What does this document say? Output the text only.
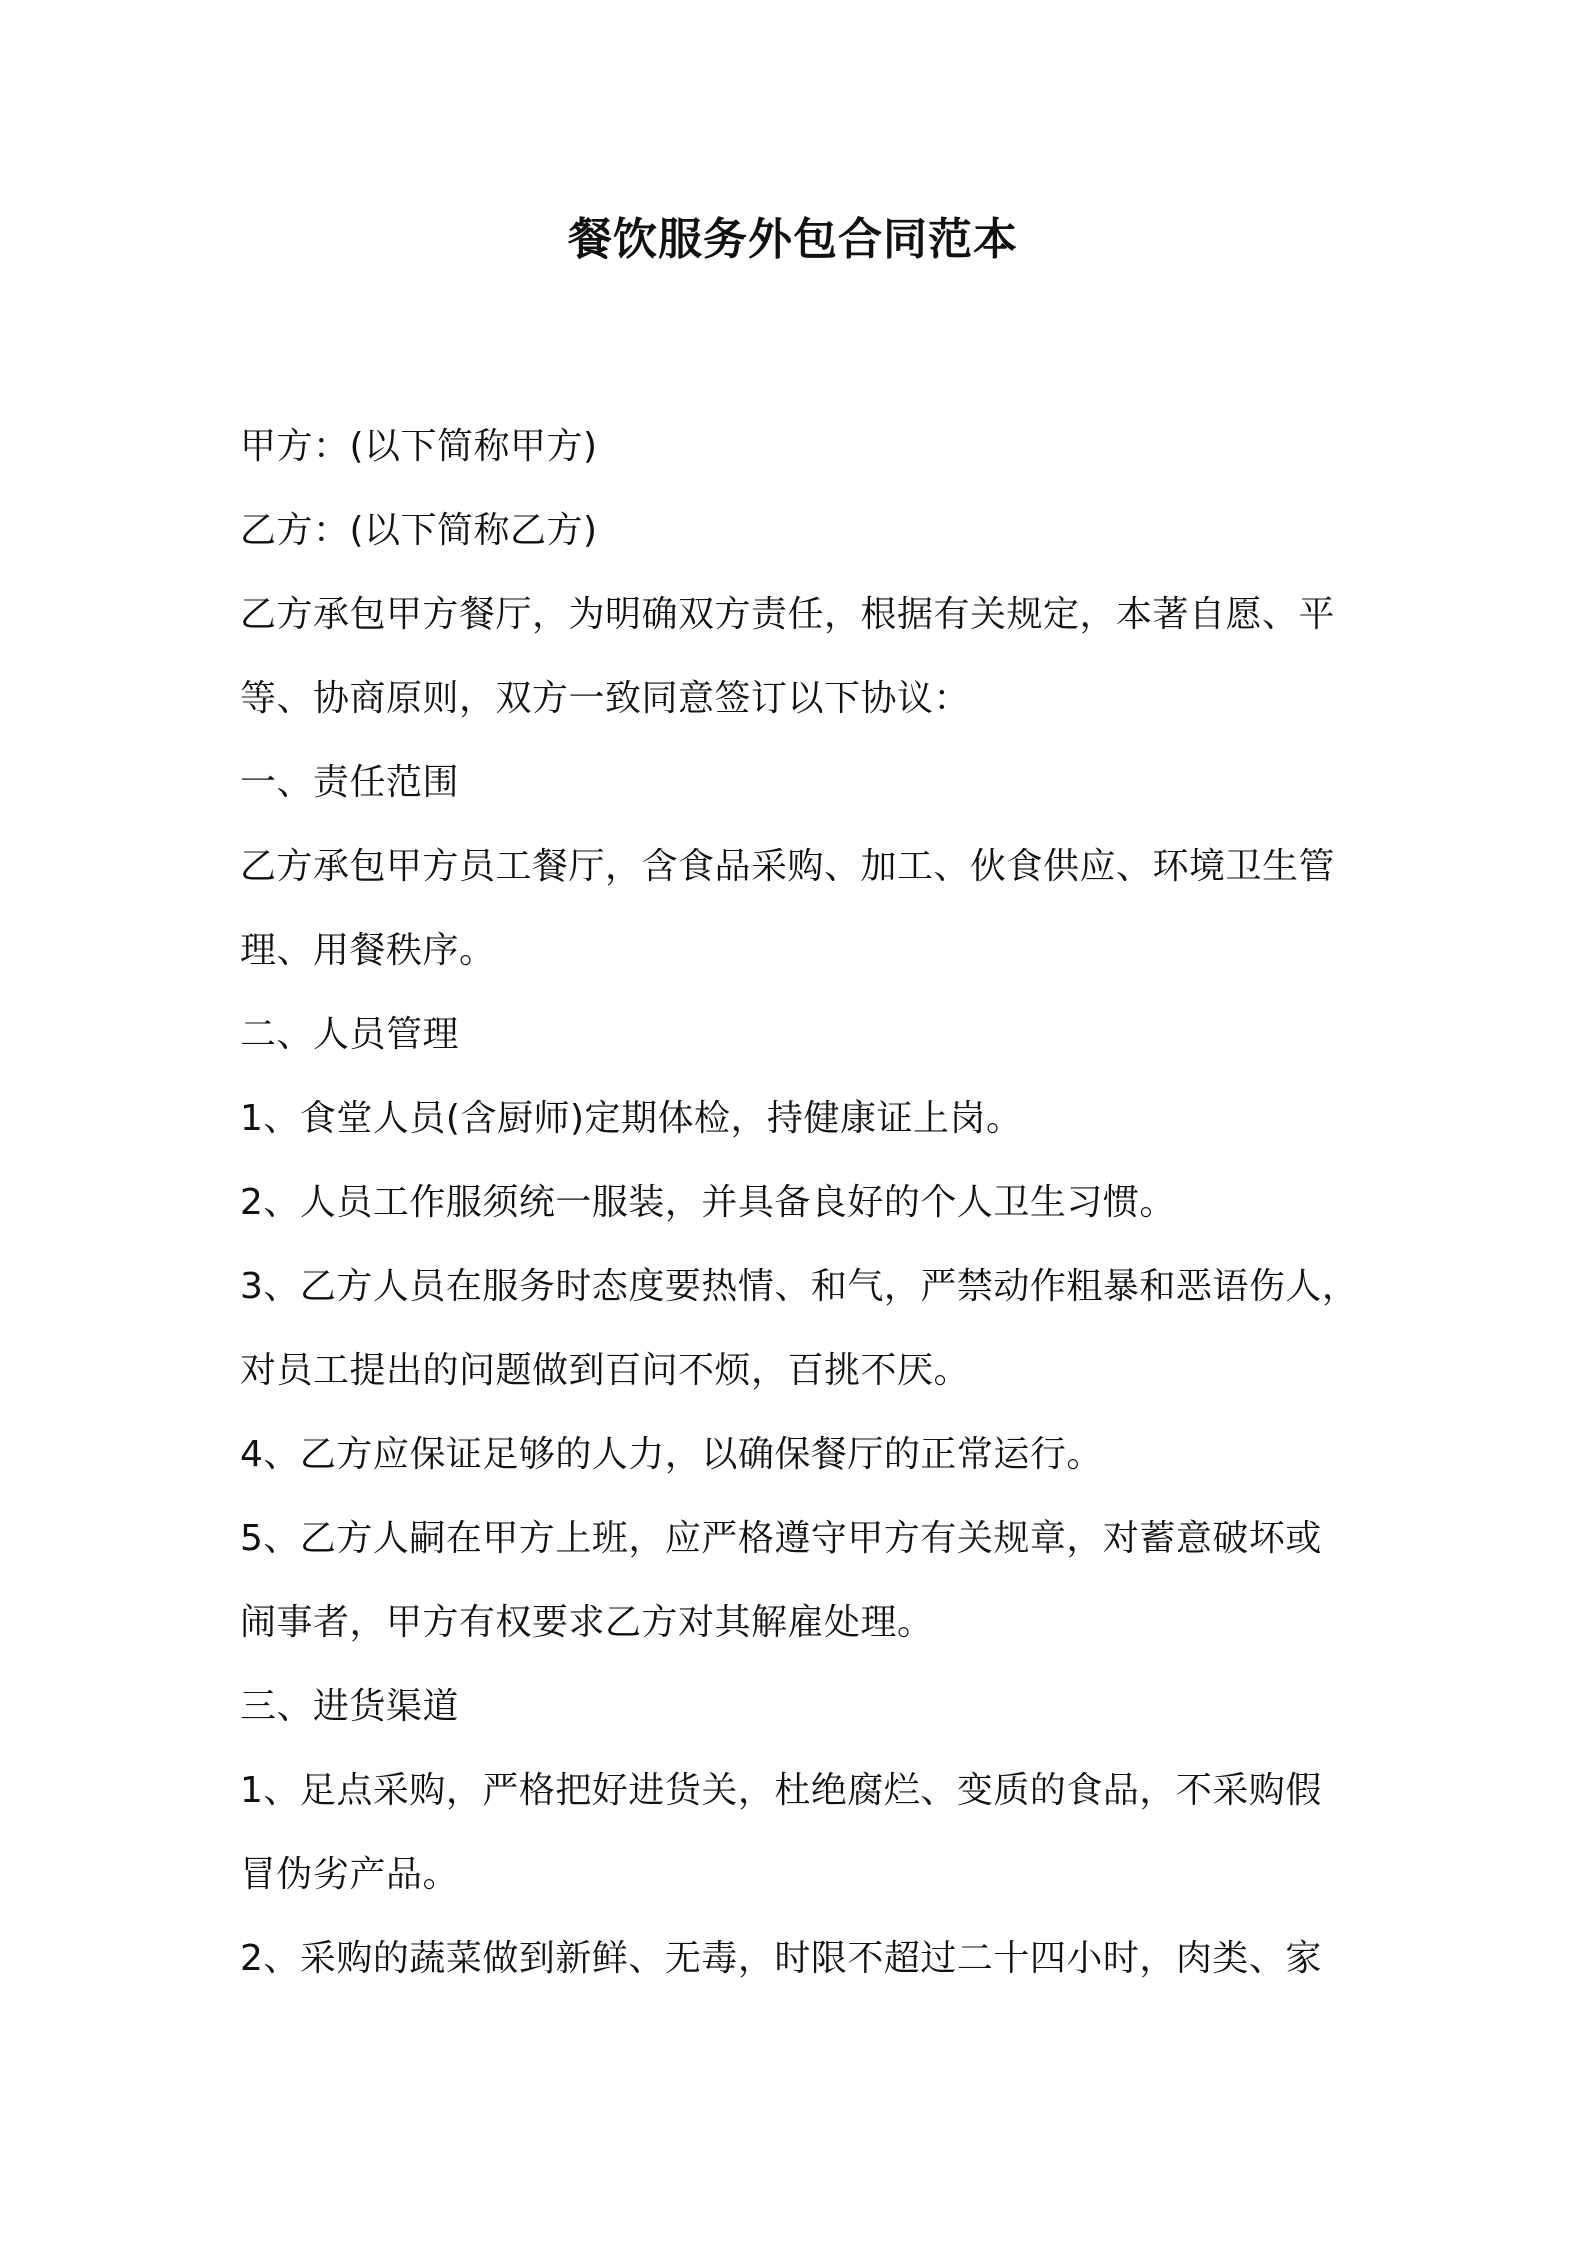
餐饮服务外包合同范本
甲方：(以下简称甲方)
乙方：(以下简称乙方)
乙方承包甲方餐厅，为明确双方责任，根据有关规定，本著自愿、平
等、协商原则，双方一致同意签订以下协议：
一、责任范围
乙方承包甲方员工餐厅，含食品采购、加工、伙食供应、环境卫生管
理、用餐秩序。
二、人员管理
1、食堂人员(含厨师)定期体检，持健康证上岗。
2、人员工作服须统一服装，并具备良好的个人卫生习惯。
3、乙方人员在服务时态度要热情、和气，严禁动作粗暴和恶语伤人，
对员工提出的问题做到百问不烦，百挑不厌。
4、乙方应保证足够的人力，以确保餐厅的正常运行。
5、乙方人嗣在甲方上班，应严格遵守甲方有关规章，对蓄意破坏或
闹事者，甲方有权要求乙方对其解雇处理。
三、进货渠道
1、足点采购，严格把好进货关，杜绝腐烂、变质的食品，不采购假
冒伪劣产品。
2、采购的蔬菜做到新鲜、无毒，时限不超过二十四小时，肉类、家
